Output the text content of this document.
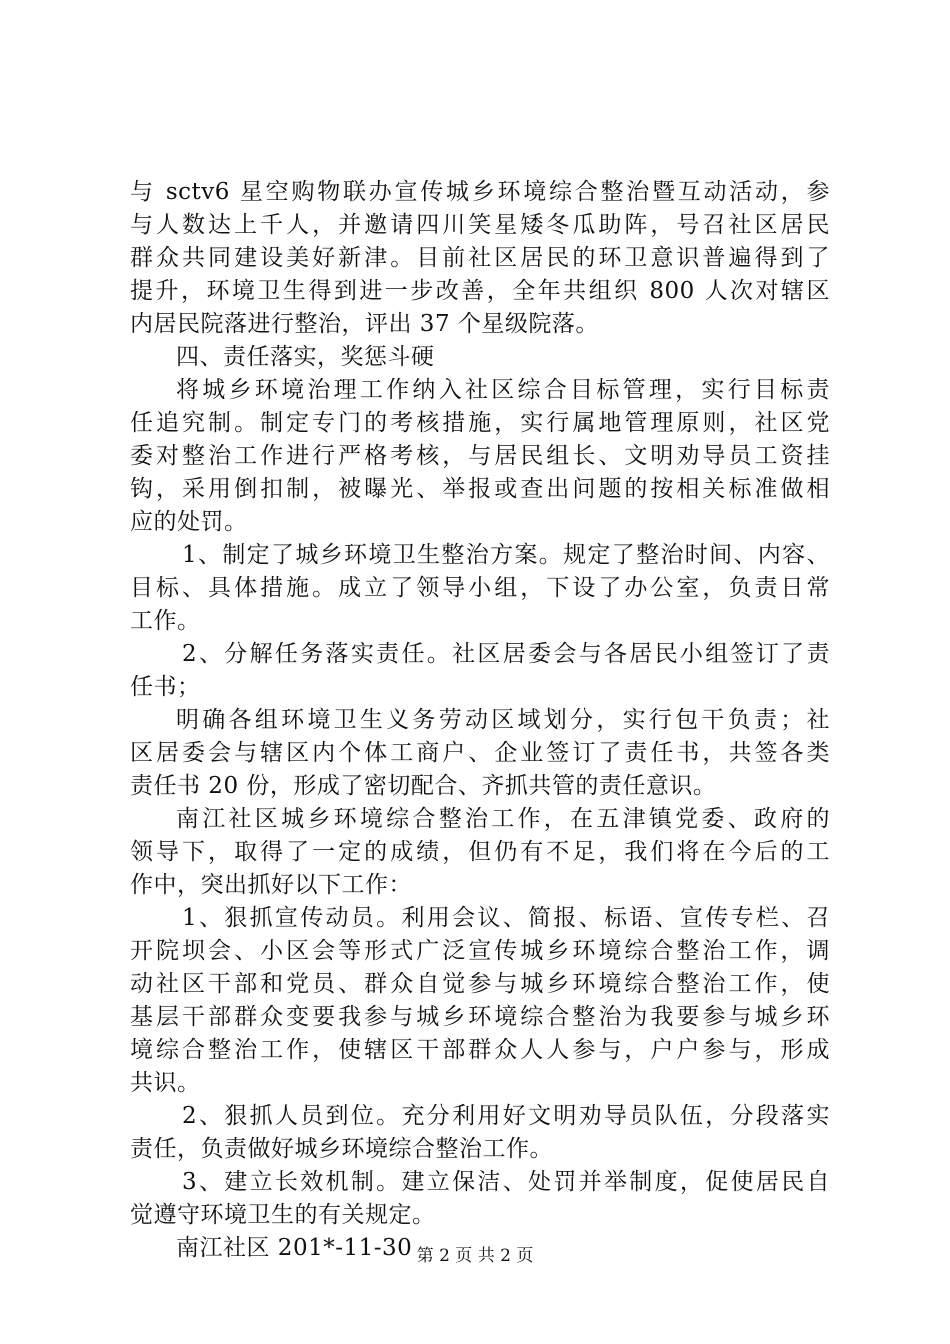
与 sctv6 星空购物联办宣传城乡环境综合整治暨互动活动，参
与人数达上千人，并邀请四川笑星矮冬瓜助阵，号召社区居民
群众共同建设美好新津。目前社区居民的环卫意识普遍得到了
提升，环境卫生得到进一步改善，全年共组织 800 人次对辖区
内居民院落进行整治，评出 37 个星级院落。
四、责任落实，奖惩斗硬
将城乡环境治理工作纳入社区综合目标管理，实行目标责
任追究制。制定专门的考核措施，实行属地管理原则，社区党
委对整治工作进行严格考核，与居民组长、文明劝导员工资挂
钩，采用倒扣制，被曝光、举报或查出问题的按相关标准做相
应的处罚。
1、制定了城乡环境卫生整治方案。规定了整治时间、内容、
目标、具体措施。成立了领导小组，下设了办公室，负责日常
工作。
2、分解任务落实责任。社区居委会与各居民小组签订了责
任书；
明确各组环境卫生义务劳动区域划分，实行包干负责；社
区居委会与辖区内个体工商户、企业签订了责任书，共签各类
责任书 20 份，形成了密切配合、齐抓共管的责任意识。
南江社区城乡环境综合整治工作，在五津镇党委、政府的
领导下，取得了一定的成绩，但仍有不足，我们将在今后的工
作中，突出抓好以下工作：
1、狠抓宣传动员。利用会议、简报、标语、宣传专栏、召
开院坝会、小区会等形式广泛宣传城乡环境综合整治工作，调
动社区干部和党员、群众自觉参与城乡环境综合整治工作，使
基层干部群众变要我参与城乡环境综合整治为我要参与城乡环
境综合整治工作，使辖区干部群众人人参与，户户参与，形成
共识。
2、狠抓人员到位。充分利用好文明劝导员队伍，分段落实
责任，负责做好城乡环境综合整治工作。
3、建立长效机制。建立保洁、处罚并举制度，促使居民自
觉遵守环境卫生的有关规定。
南江社区 201*-11-30 第 2 页 共 2 页
